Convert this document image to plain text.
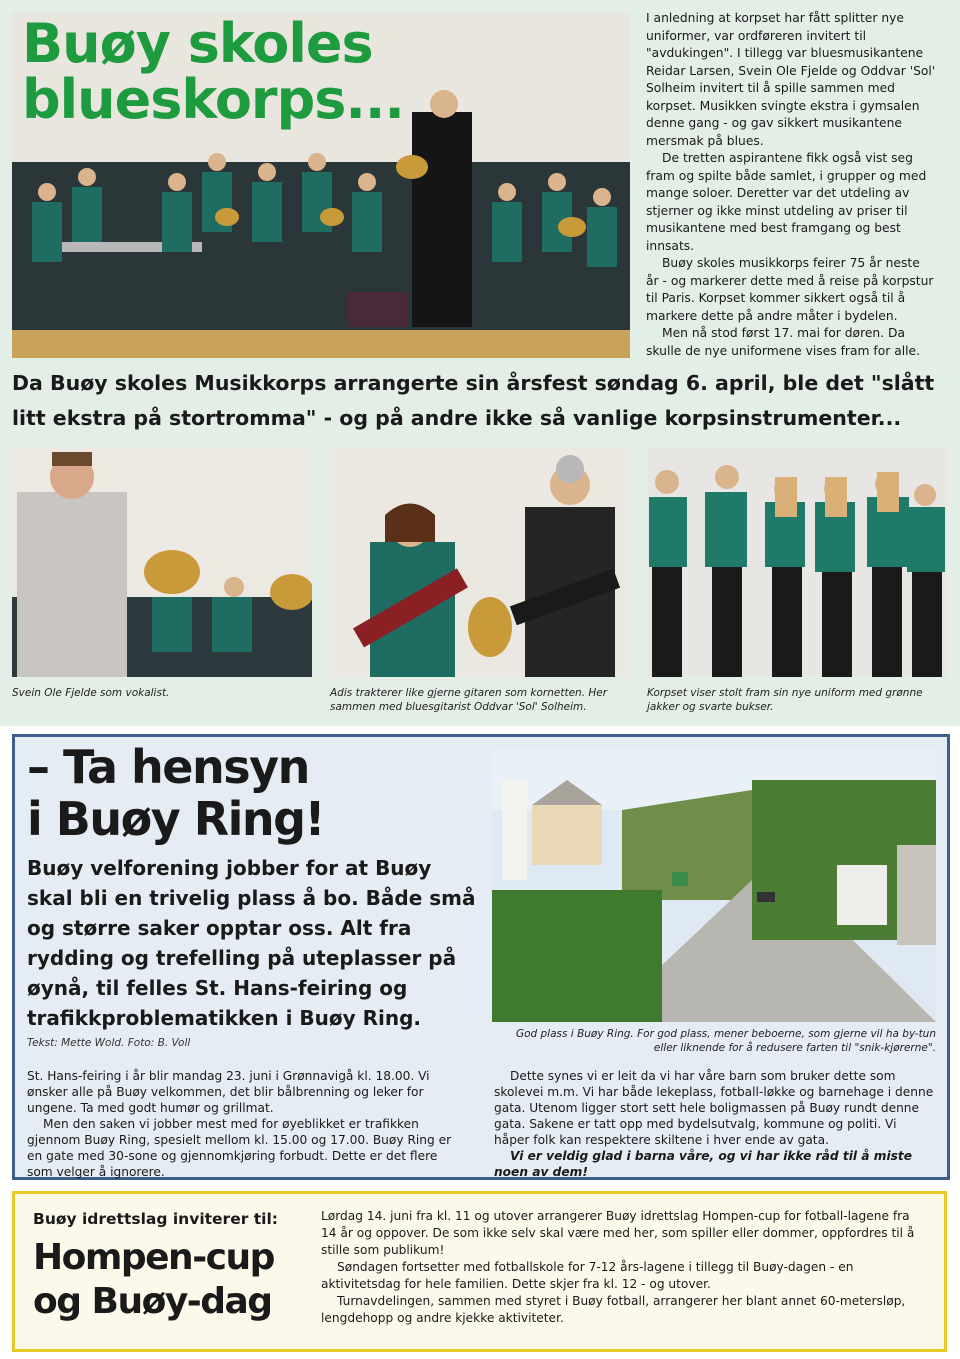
Buøy skoles
blueskorps...

I anledning at korpset har fått splitter nye uniformer, var ordføreren invitert til "avdukingen". I tillegg var bluesmusikantene Reidar Larsen, Svein Ole Fjelde og Oddvar 'Sol' Solheim invitert til å spille sammen med korpset. Musikken svingte ekstra i gymsalen denne gang - og gav sikkert musikantene mersmak på blues.

De tretten aspirantene fikk også vist seg fram og spilte både samlet, i grupper og med mange soloer. Deretter var det utdeling av stjerner og ikke minst utdeling av priser til musikantene med best framgang og best innsats.

Buøy skoles musikkorps feirer 75 år neste år - og markerer dette med å reise på korpstur til Paris. Korpset kommer sikkert også til å markere dette på andre måter i bydelen.

Men nå stod først 17. mai for døren. Da skulle de nye uniformene vises fram for alle.

Da Buøy skoles Musikkorps arrangerte sin årsfest søndag 6. april, ble det "slått litt ekstra på stortromma" - og på andre ikke så vanlige korpsinstrumenter...

Svein Ole Fjelde som vokalist.	Adis trakterer like gjerne gitaren som kornetten. Her sammen med bluesgitarist Oddvar 'Sol' Solheim.
Korpset viser stolt fram sin nye uniform med grønne jakker og svarte bukser.
– Ta hensyn
i Buøy Ring!

Buøy velforening jobber for at Buøy skal bli en trivelig plass å bo. Både små og større saker opptar oss. Alt fra rydding og trefelling på uteplasser på øynå, til felles St. Hans-feiring og trafikkproblematikken i Buøy Ring.

Tekst: Mette Wold. Foto: B. Voll
God plass i Buøy Ring. For god plass, mener beboerne, som gjerne vil ha by-tun eller liknende for å redusere farten til "snik-kjørerne".

St. Hans-feiring i år blir mandag 23. juni i Grønnavigå kl. 18.00. Vi ønsker alle på Buøy velkommen, det blir bålbrenning og leker for ungene. Ta med godt humør og grillmat.

Men den saken vi jobber mest med for øyeblikket er trafikken gjennom Buøy Ring, spesielt mellom kl. 15.00 og 17.00. Buøy Ring er en gate med 30-sone og gjennomkjøring forbudt. Dette er det flere som velger å ignorere.

Dette synes vi er leit da vi har våre barn som bruker dette som skolevei m.m. Vi har både lekeplass, fotball-løkke og barnehage i denne gata. Utenom ligger stort sett hele boligmassen på Buøy rundt denne gata. Sakene er tatt opp med bydelsutvalg, kommune og politi. Vi håper folk kan respektere skiltene i hver ende av gata.

Vi er veldig glad i barna våre, og vi har ikke råd til å miste noen av dem!

Buøy idrettslag inviterer til:

Hompen-cup
og Buøy-dag

Lørdag 14. juni fra kl. 11 og utover arrangerer Buøy idrettslag Hompen-cup for fotball-lagene fra 14 år og oppover. De som ikke selv skal være med her, som spiller eller dommer, oppfordres til å stille som publikum!

Søndagen fortsetter med fotballskole for 7-12 års-lagene i tillegg til Buøy-dagen - en aktivitetsdag for hele familien. Dette skjer fra kl. 12 - og utover.

Turnavdelingen, sammen med styret i Buøy fotball, arrangerer her blant annet 60-metersløp, lengdehopp og andre kjekke aktiviteter.
